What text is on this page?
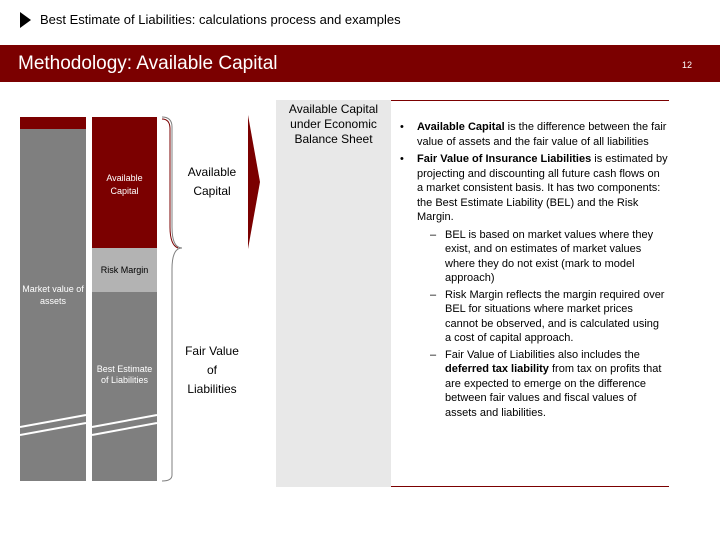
Best Estimate of Liabilities: calculations process and examples
Methodology: Available Capital	12
Market value of assets
Available Capital
Risk Margin
Best Estimate of Liabilities
Available
Capital
Fair Value
of
Liabilities
Available Capital under Economic Balance Sheet
• Available Capital is the difference between the fair value of assets and the fair value of all liabilities
• Fair Value of Insurance Liabilities is estimated by projecting and discounting all future cash flows on a market consistent basis. It has two components: the Best Estimate Liability (BEL) and the Risk Margin.
– BEL is based on market values where they exist, and on estimates of market values where they do not exist (mark to model approach)
– Risk Margin reflects the margin required over BEL for situations where market prices cannot be observed, and is calculated using a cost of capital approach.
– Fair Value of Liabilities also includes the deferred tax liability from tax on profits that are expected to emerge on the difference between fair values and fiscal values of assets and liabilities.
